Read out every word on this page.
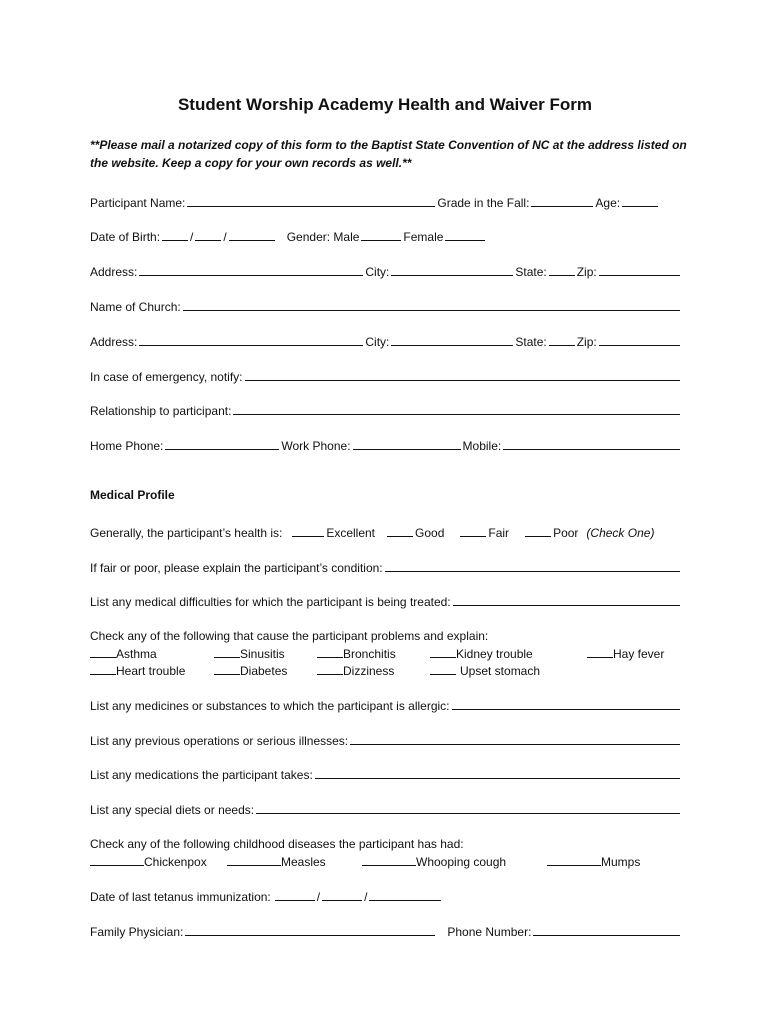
Student Worship Academy Health and Waiver Form
**Please mail a notarized copy of this form to the Baptist State Convention of NC at the address listed on the website. Keep a copy for your own records as well.**
Participant Name:	Grade in the Fall:	Age:
Date of Birth:	/	/	Gender: Male	Female
Address:	City:	State:	Zip:
Name of Church:
Address:	City:	State:	Zip:
In case of emergency, notify:
Relationship to participant:
Home Phone:	Work Phone:	Mobile:
Medical Profile
Generally, the participant’s health is:	Excellent	Good	Fair	Poor (Check One)
If fair or poor, please explain the participant’s condition:
List any medical difficulties for which the participant is being treated:
Check any of the following that cause the participant problems and explain:
Asthma	Sinusitis	Bronchitis	Kidney trouble	Hay fever
Heart trouble	Diabetes	Dizziness	Upset stomach
List any medicines or substances to which the participant is allergic:
List any previous operations or serious illnesses:
List any medications the participant takes:
List any special diets or needs:
Check any of the following childhood diseases the participant has had:
Chickenpox	Measles	Whooping cough	Mumps
Date of last tetanus immunization:	/	/
Family Physician:	Phone Number:
